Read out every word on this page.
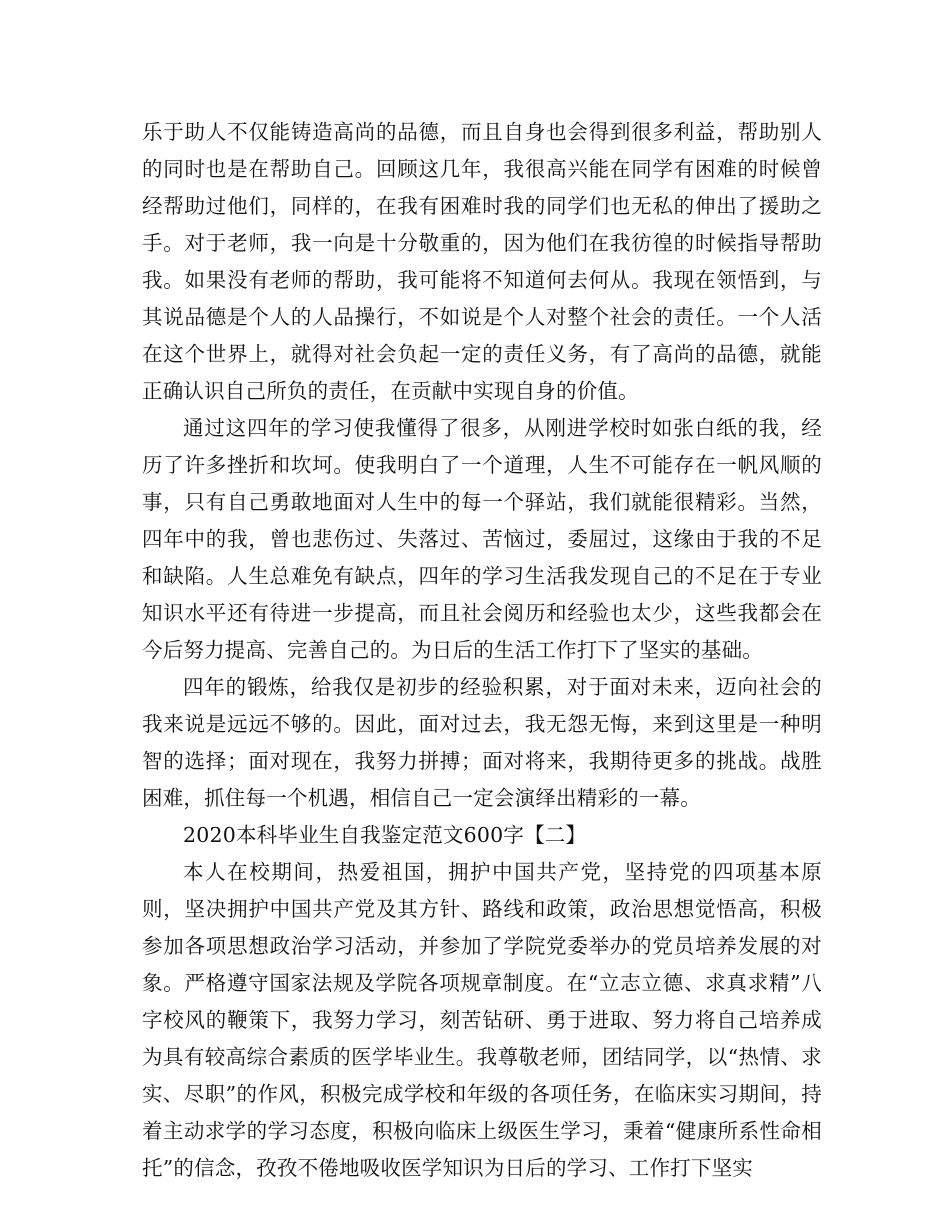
乐于助人不仅能铸造高尚的品德，而且自身也会得到很多利益，帮助别人的同时也是在帮助自己。回顾这几年，我很高兴能在同学有困难的时候曾经帮助过他们，同样的，在我有困难时我的同学们也无私的伸出了援助之手。对于老师，我一向是十分敬重的，因为他们在我彷徨的时候指导帮助我。如果没有老师的帮助，我可能将不知道何去何从。我现在领悟到，与其说品德是个人的人品操行，不如说是个人对整个社会的责任。一个人活在这个世界上，就得对社会负起一定的责任义务，有了高尚的品德，就能正确认识自己所负的责任，在贡献中实现自身的价值。

通过这四年的学习使我懂得了很多，从刚进学校时如张白纸的我，经历了许多挫折和坎坷。使我明白了一个道理，人生不可能存在一帆风顺的事，只有自己勇敢地面对人生中的每一个驿站，我们就能很精彩。当然，四年中的我，曾也悲伤过、失落过、苦恼过，委屈过，这缘由于我的不足和缺陷。人生总难免有缺点，四年的学习生活我发现自己的不足在于专业知识水平还有待进一步提高，而且社会阅历和经验也太少，这些我都会在今后努力提高、完善自己的。为日后的生活工作打下了坚实的基础。

四年的锻炼，给我仅是初步的经验积累，对于面对未来，迈向社会的我来说是远远不够的。因此，面对过去，我无怨无悔，来到这里是一种明智的选择；面对现在，我努力拼搏；面对将来，我期待更多的挑战。战胜困难，抓住每一个机遇，相信自己一定会演绎出精彩的一幕。

2020本科毕业生自我鉴定范文600字【二】

本人在校期间，热爱祖国，拥护中国共产党，坚持党的四项基本原则，坚决拥护中国共产党及其方针、路线和政策，政治思想觉悟高，积极参加各项思想政治学习活动，并参加了学院党委举办的党员培养发展的对象。严格遵守国家法规及学院各项规章制度。在“立志立德、求真求精”八字校风的鞭策下，我努力学习，刻苦钻研、勇于进取、努力将自己培养成为具有较高综合素质的医学毕业生。我尊敬老师，团结同学，以“热情、求实、尽职”的作风，积极完成学校和年级的各项任务，在临床实习期间，持着主动求学的学习态度，积极向临床上级医生学习，秉着“健康所系性命相托”的信念，孜孜不倦地吸收医学知识为日后的学习、工作打下坚实
